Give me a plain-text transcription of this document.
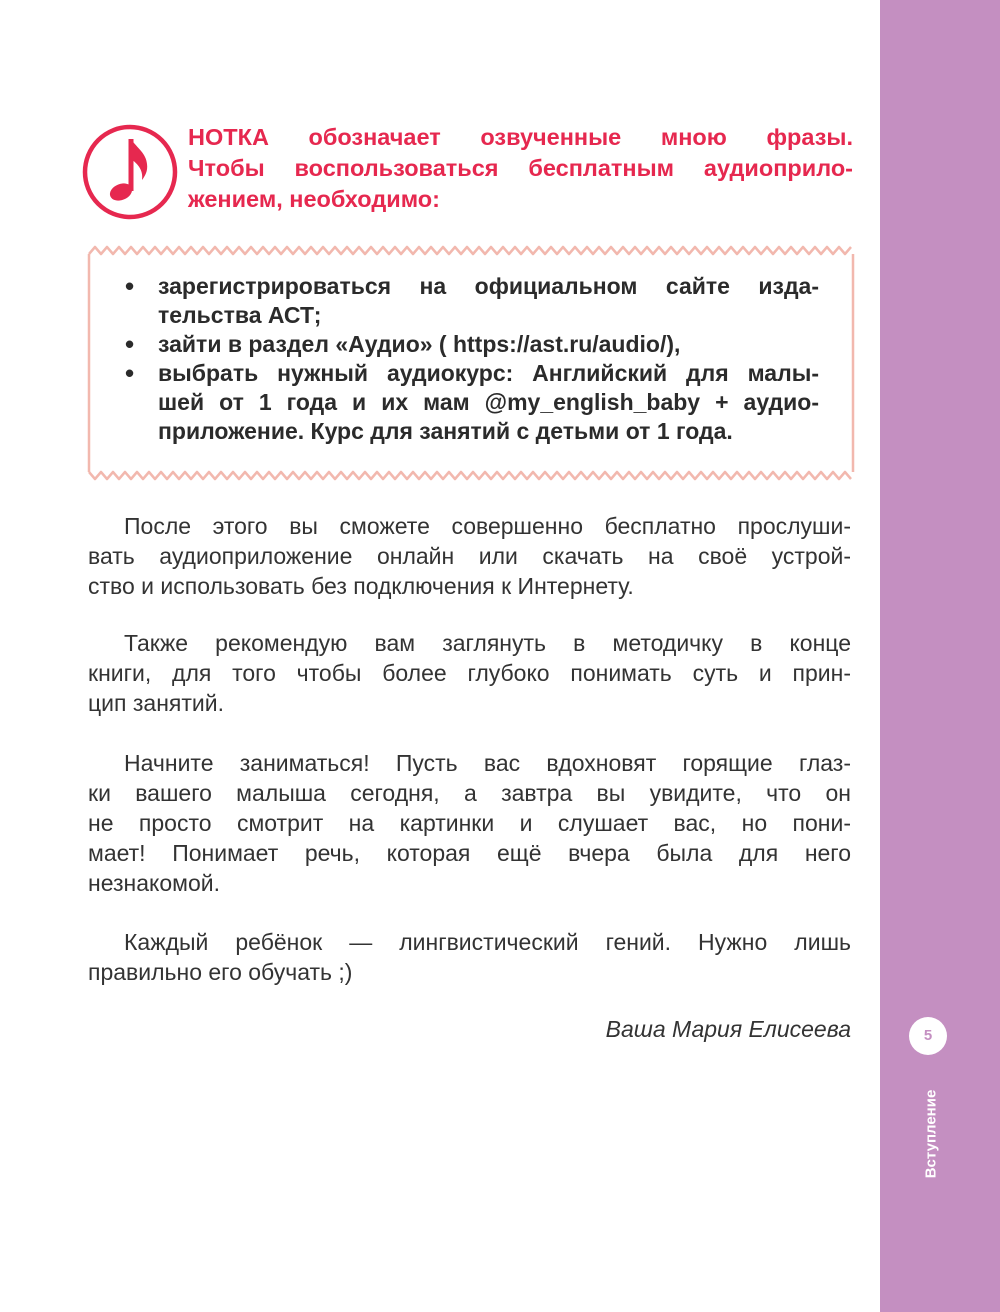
Вступление
5
НОТКА обозначает озвученные мною фразы.
Чтобы воспользоваться бесплатным аудиоприло-
жением, необходимо:
• зарегистрироваться на официальном сайте изда-
тельства АСТ;
• зайти в раздел «Аудио» ( https://ast.ru/audio/),
• выбрать нужный аудиокурс: Английский для малы-
шей от 1 года и их мам @my_english_baby + аудио-
приложение. Курс для занятий с детьми от 1 года.
После этого вы сможете совершенно бесплатно прослуши-
вать аудиоприложение онлайн или скачать на своё устрой-
ство и использовать без подключения к Интернету.
Также рекомендую вам заглянуть в методичку в конце
книги, для того чтобы более глубоко понимать суть и прин-
цип занятий.
Начните заниматься! Пусть вас вдохновят горящие глаз-
ки вашего малыша сегодня, а завтра вы увидите, что он
не просто смотрит на картинки и слушает вас, но пони-
мает! Понимает речь, которая ещё вчера была для него
незнакомой.
Каждый ребёнок — лингвистический гений. Нужно лишь
правильно его обучать ;)
Ваша Мария Елисеева
